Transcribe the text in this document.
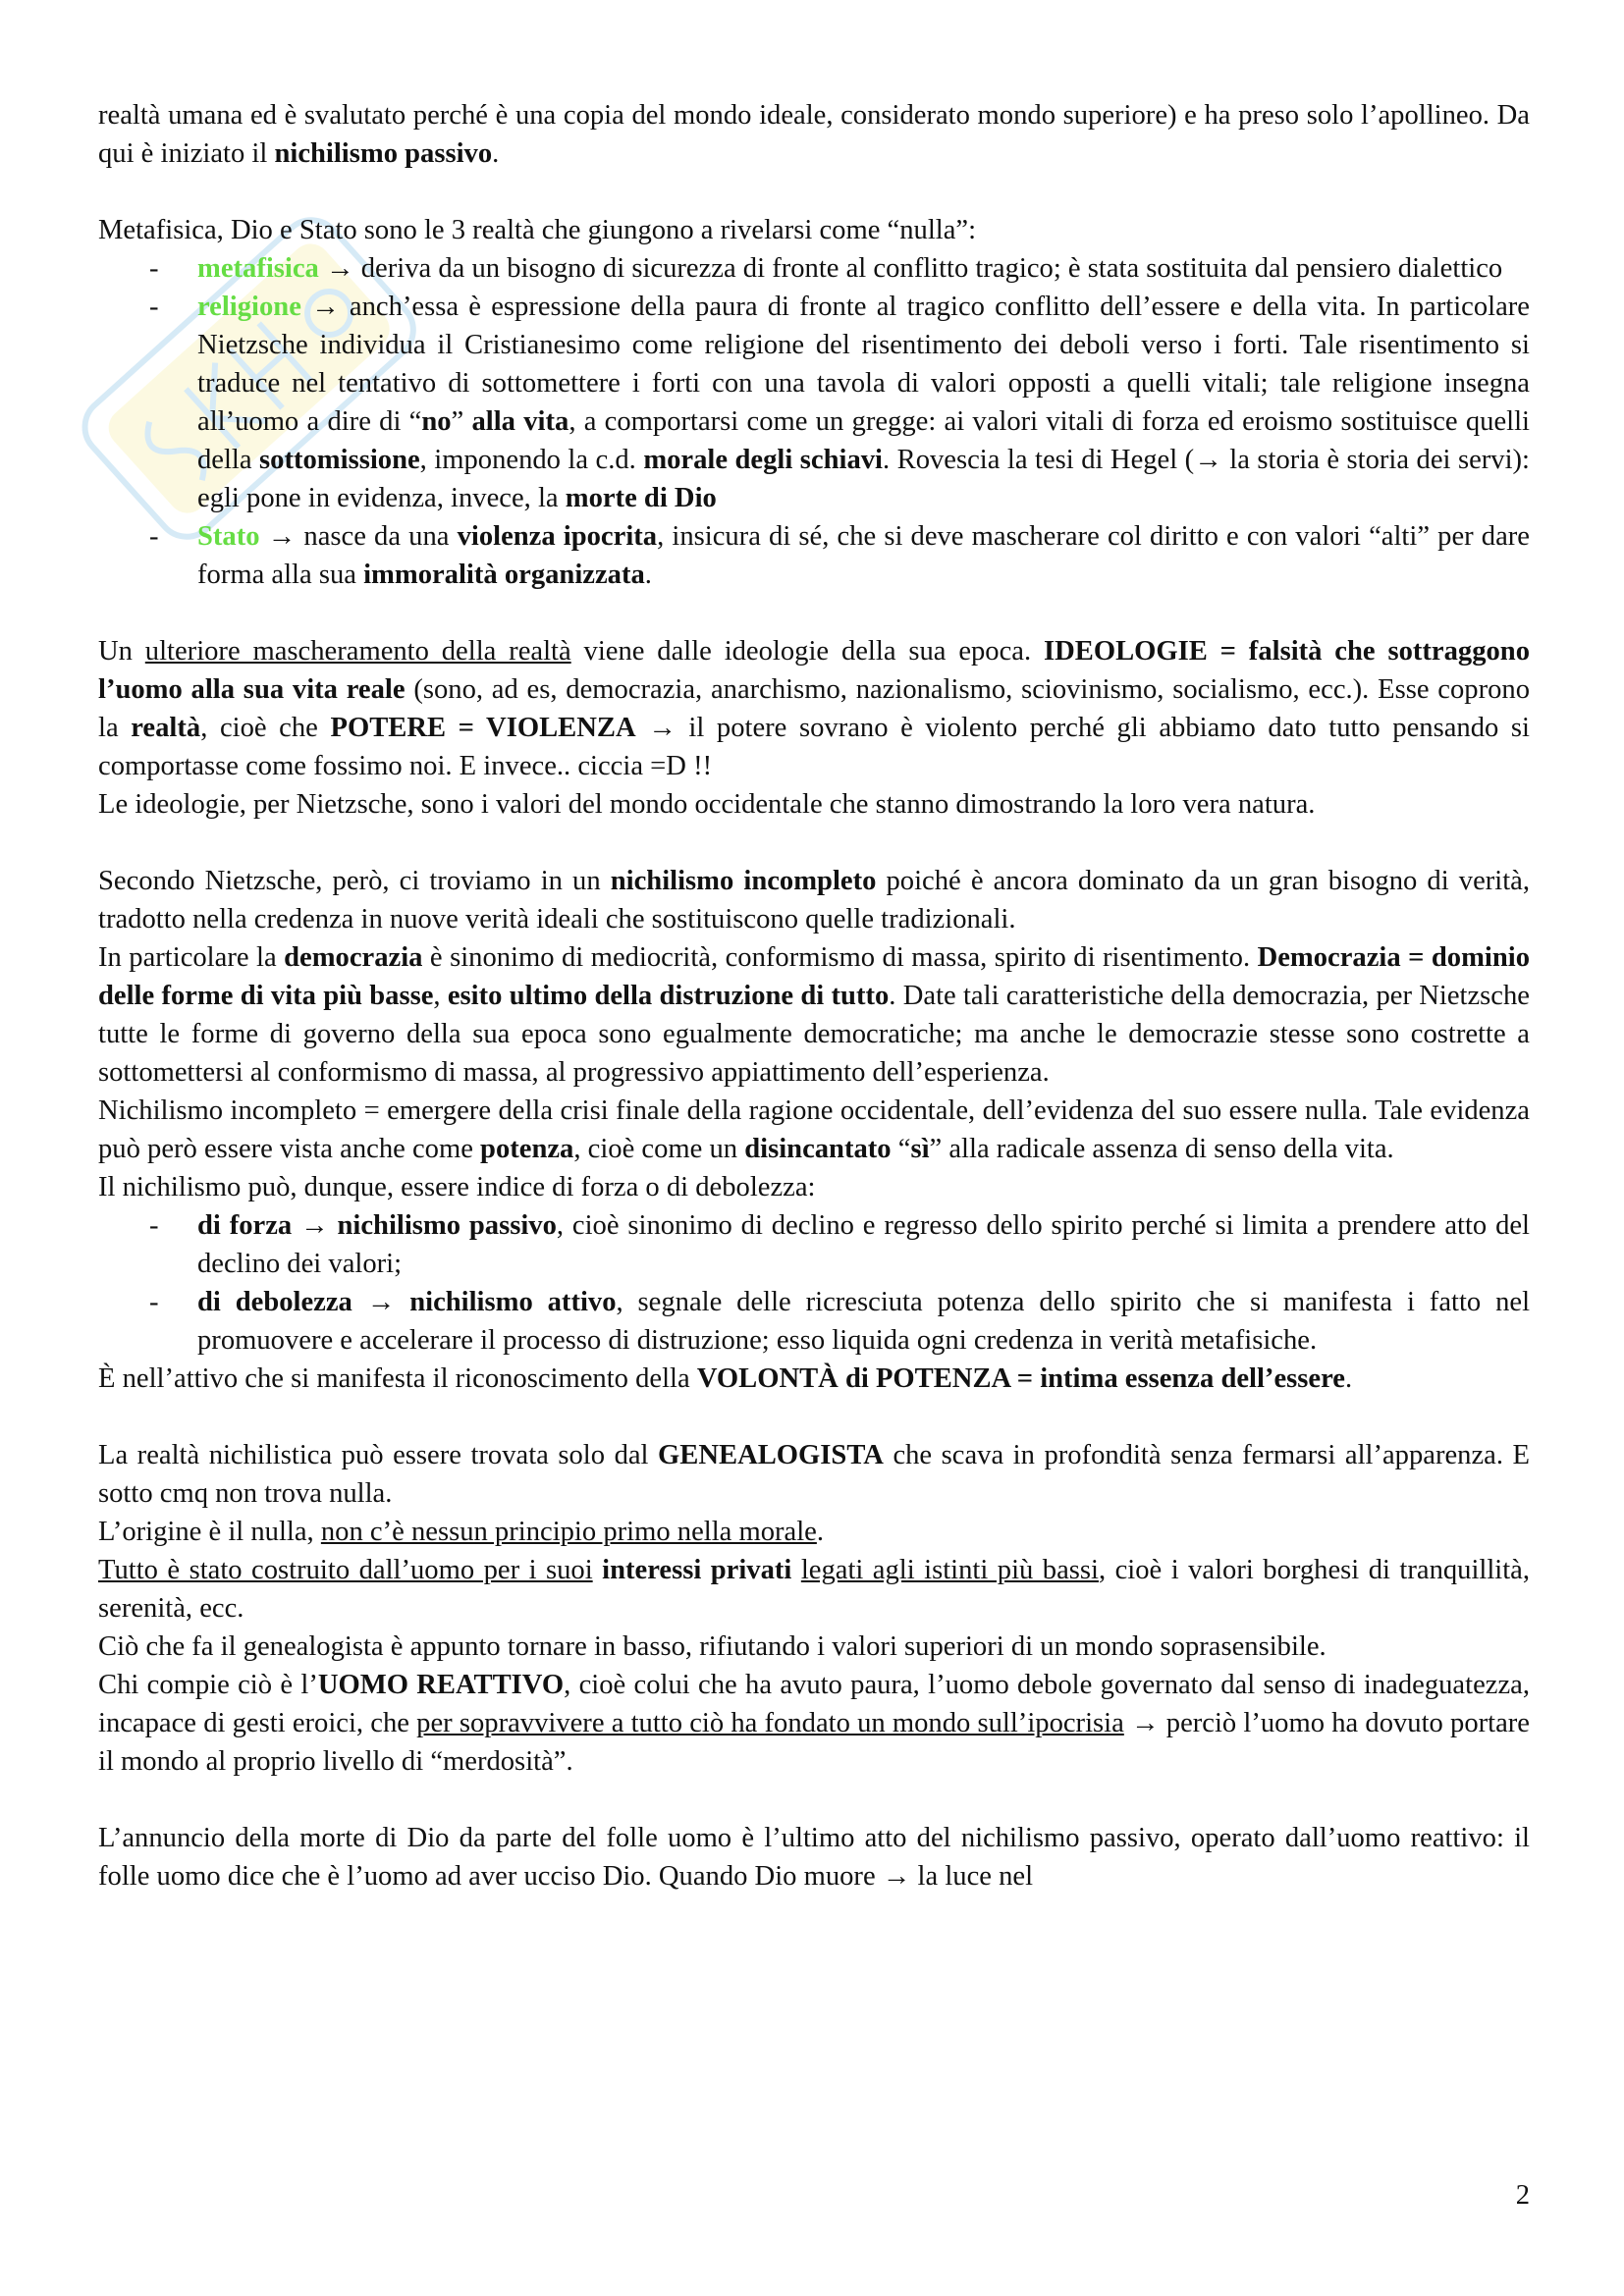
realtà umana ed è svalutato perché è una copia del mondo ideale, considerato mondo superiore) e ha preso solo l’apollineo. Da qui è iniziato il nichilismo passivo.

Metafisica, Dio e Stato sono le 3 realtà che giungono a rivelarsi come “nulla”:

- metafisica → deriva da un bisogno di sicurezza di fronte al conflitto tragico; è stata sostituita dal pensiero dialettico
- religione → anch’essa è espressione della paura di fronte al tragico conflitto dell’essere e della vita. In particolare Nietzsche individua il Cristianesimo come religione del risentimento dei deboli verso i forti. Tale risentimento si traduce nel tentativo di sottomettere i forti con una tavola di valori opposti a quelli vitali; tale religione insegna all’uomo a dire di “no” alla vita, a comportarsi come un gregge: ai valori vitali di forza ed eroismo sostituisce quelli della sottomissione, imponendo la c.d. morale degli schiavi. Rovescia la tesi di Hegel (→ la storia è storia dei servi): egli pone in evidenza, invece, la morte di Dio
- Stato → nasce da una violenza ipocrita, insicura di sé, che si deve mascherare col diritto e con valori “alti” per dare forma alla sua immoralità organizzata.

Un ulteriore mascheramento della realtà viene dalle ideologie della sua epoca. IDEOLOGIE = falsità che sottraggono l’uomo alla sua vita reale (sono, ad es, democrazia, anarchismo, nazionalismo, sciovinismo, socialismo, ecc.). Esse coprono la realtà, cioè che POTERE = VIOLENZA → il potere sovrano è violento perché gli abbiamo dato tutto pensando si comportasse come fossimo noi. E invece.. ciccia =D !!

Le ideologie, per Nietzsche, sono i valori del mondo occidentale che stanno dimostrando la loro vera natura.

Secondo Nietzsche, però, ci troviamo in un nichilismo incompleto poiché è ancora dominato da un gran bisogno di verità, tradotto nella credenza in nuove verità ideali che sostituiscono quelle tradizionali.

In particolare la democrazia è sinonimo di mediocrità, conformismo di massa, spirito di risentimento. Democrazia = dominio delle forme di vita più basse, esito ultimo della distruzione di tutto. Date tali caratteristiche della democrazia, per Nietzsche tutte le forme di governo della sua epoca sono egualmente democratiche; ma anche le democrazie stesse sono costrette a sottomettersi al conformismo di massa, al progressivo appiattimento dell’esperienza.

Nichilismo incompleto = emergere della crisi finale della ragione occidentale, dell’evidenza del suo essere nulla. Tale evidenza può però essere vista anche come potenza, cioè come un disincantato “sì” alla radicale assenza di senso della vita.

Il nichilismo può, dunque, essere indice di forza o di debolezza:

- di forza → nichilismo passivo, cioè sinonimo di declino e regresso dello spirito perché si limita a prendere atto del declino dei valori;
- di debolezza → nichilismo attivo, segnale delle ricresciuta potenza dello spirito che si manifesta i fatto nel promuovere e accelerare il processo di distruzione; esso liquida ogni credenza in verità metafisiche.

È nell’attivo che si manifesta il riconoscimento della VOLONTÀ di POTENZA = intima essenza dell’essere.

La realtà nichilistica può essere trovata solo dal GENEALOGISTA che scava in profondità senza fermarsi all’apparenza. E sotto cmq non trova nulla.

L’origine è il nulla, non c’è nessun principio primo nella morale.

Tutto è stato costruito dall’uomo per i suoi interessi privati legati agli istinti più bassi, cioè i valori borghesi di tranquillità, serenità, ecc.

Ciò che fa il genealogista è appunto tornare in basso, rifiutando i valori superiori di un mondo soprasensibile.

Chi compie ciò è l’UOMO REATTIVO, cioè colui che ha avuto paura, l’uomo debole governato dal senso di inadeguatezza, incapace di gesti eroici, che per sopravvivere a tutto ciò ha fondato un mondo sull’ipocrisia → perciò l’uomo ha dovuto portare il mondo al proprio livello di “merdosità”.

L’annuncio della morte di Dio da parte del folle uomo è l’ultimo atto del nichilismo passivo, operato dall’uomo reattivo: il folle uomo dice che è l’uomo ad aver ucciso Dio. Quando Dio muore → la luce nel

2
